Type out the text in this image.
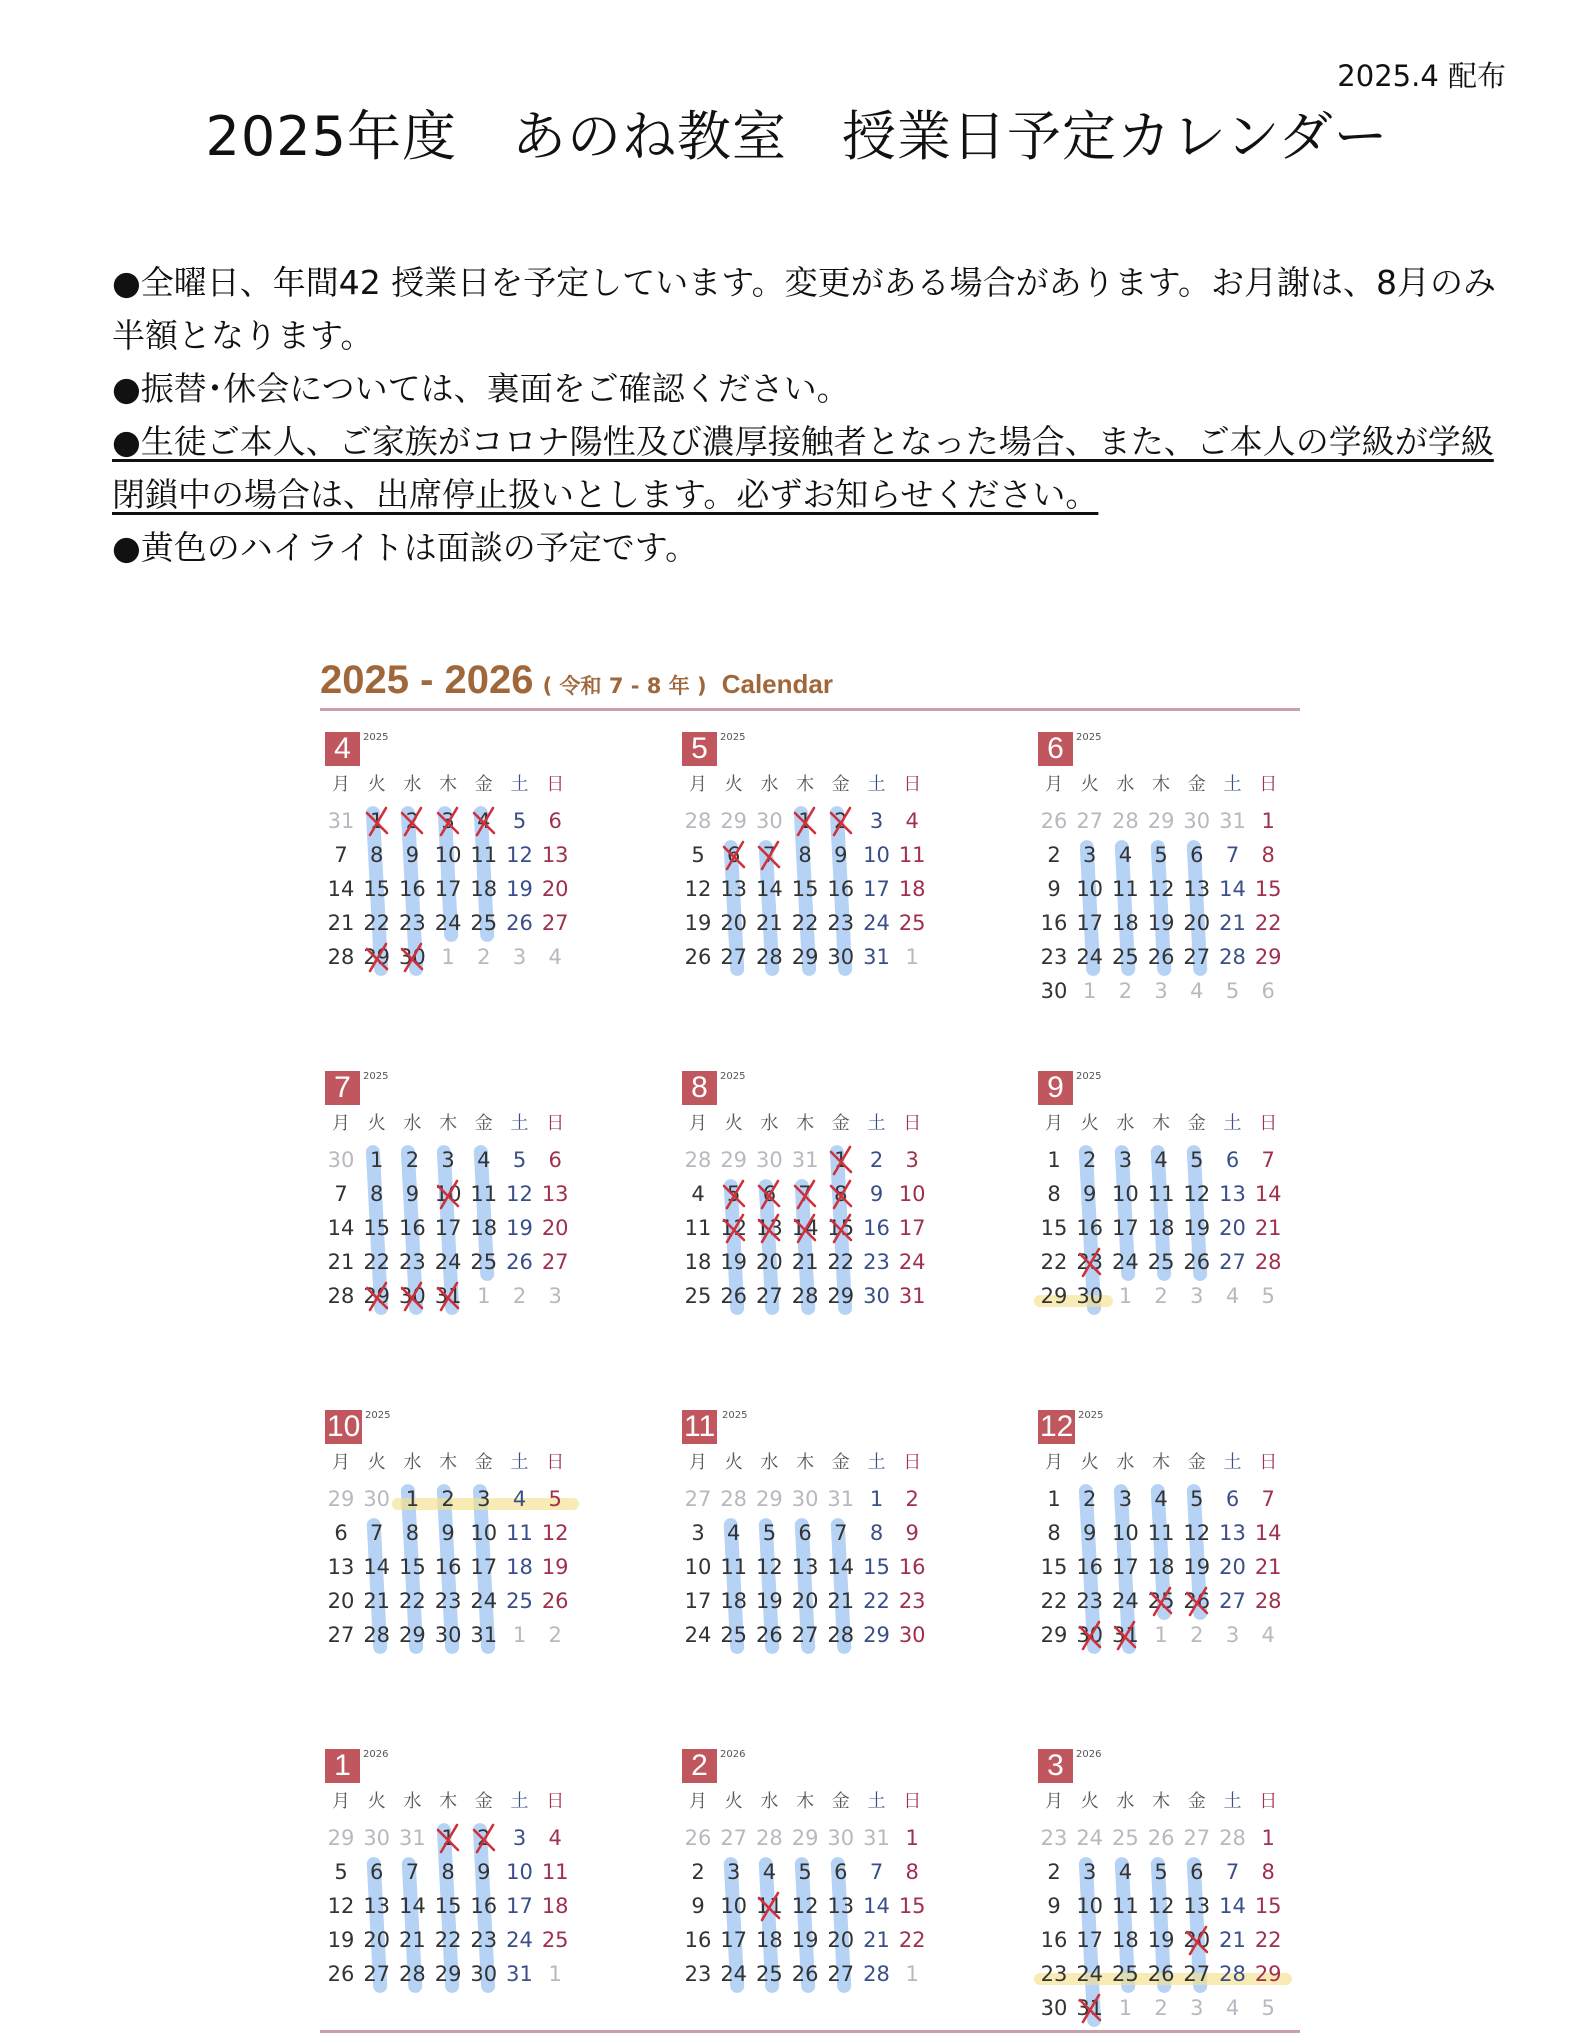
2025.4 配布
2025年度　あのね教室　授業日予定カレンダー
●全曜日、年間42 授業日を予定しています。変更がある場合があります。お月謝は、8月のみ半額となります。
●振替･休会については、裏面をご確認ください。
●生徒ご本人、ご家族がコロナ陽性及び濃厚接触者となった場合、また、ご本人の学級が学級閉鎖中の場合は、出席停止扱いとします。必ずお知らせください。
●黄色のハイライトは面談の予定です。
2025 - 2026 ( 令和 7 - 8 年 ) Calendar
4	2025
月 火 水 木 金 土 日
31 1	2	3	4	5	6
7	8	9 10 11 12 13
14 15 16 17 18 19 20
21 22 23 24 25 26 27
28 29 30 1	2	3	4
5	2025
月 火 水 木 金 土 日
28 29 30 1	2	3	4
5	6	7	8	9 10 11
12 13 14 15 16 17 18
19 20 21 22 23 24 25
26 27 28 29 30 31 1
6	2025
月 火 水 木 金 土 日
26 27 28 29 30 31 1
2	3	4	5	6	7	8
9 10 11 12 13 14 15
16 17 18 19 20 21 22
23 24 25 26 27 28 29
30 1	2	3	4	5	6
7	2025
月 火 水 木 金 土 日
30 1	2	3	4	5	6
7	8	9 10 11 12 13
14 15 16 17 18 19 20
21 22 23 24 25 26 27
28 29 30 31 1	2	3
8	2025
月 火 水 木 金 土 日
28 29 30 31 1	2	3
4	5	6	7	8	9 10
11 12 13 14 15 16 17
18 19 20 21 22 23 24
25 26 27 28 29 30 31
9	2025
月 火 水 木 金 土 日
1	2	3	4	5	6	7
8	9 10 11 12 13 14
15 16 17 18 19 20 21
22 23 24 25 26 27 28
29 30 1	2	3	4	5
10 2025
月 火 水 木 金 土 日
29 30 1	2	3	4	5
6	7	8	9 10 11 12
13 14 15 16 17 18 19
20 21 22 23 24 25 26
27 28 29 30 31 1	2
11 2025
月 火 水 木 金 土 日
27 28 29 30 31 1	2
3	4	5	6	7	8	9
10 11 12 13 14 15 16
17 18 19 20 21 22 23
24 25 26 27 28 29 30
12 2025
月 火 水 木 金 土 日
1	2	3	4	5	6	7
8	9 10 11 12 13 14
15 16 17 18 19 20 21
22 23 24 25 26 27 28
29 30 31 1	2	3	4
1	2026
月 火 水 木 金 土 日
29 30 31 1	2	3	4
5	6	7	8	9 10 11
12 13 14 15 16 17 18
19 20 21 22 23 24 25
26 27 28 29 30 31 1
2	2026
月 火 水 木 金 土 日
26 27 28 29 30 31 1
2	3	4	5	6	7	8
9 10 11 12 13 14 15
16 17 18 19 20 21 22
23 24 25 26 27 28 1
3	2026
月 火 水 木 金 土 日
23 24 25 26 27 28 1
2	3	4	5	6	7	8
9 10 11 12 13 14 15
16 17 18 19 20 21 22
23 24 25 26 27 28 29
30 31 1	2	3	4	5
